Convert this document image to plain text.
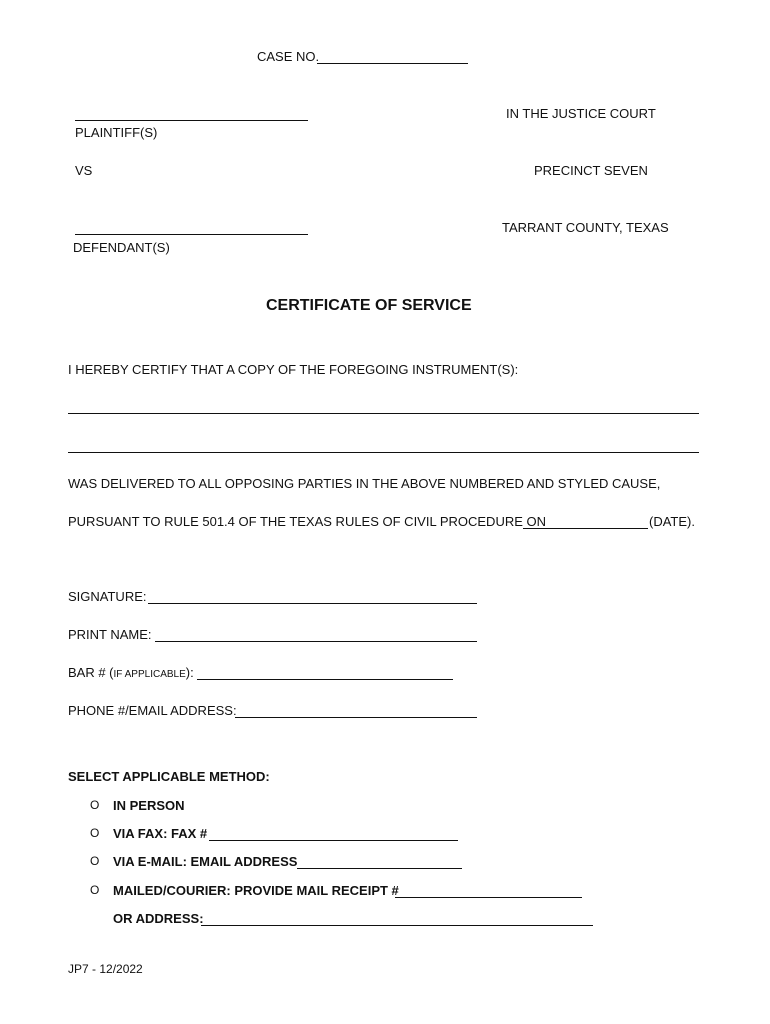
CASE NO.
PLAINTIFF(S)
IN THE JUSTICE COURT
VS	PRECINCT SEVEN
TARRANT COUNTY, TEXAS
DEFENDANT(S)
CERTIFICATE OF SERVICE
I HEREBY CERTIFY THAT A COPY OF THE FOREGOING INSTRUMENT(S):
WAS DELIVERED TO ALL OPPOSING PARTIES IN THE ABOVE NUMBERED AND STYLED CAUSE,
PURSUANT TO RULE 501.4 OF THE TEXAS RULES OF CIVIL PROCEDURE ON	(DATE).
SIGNATURE:
PRINT NAME:
BAR # (IF APPLICABLE):
PHONE #/EMAIL ADDRESS:
SELECT APPLICABLE METHOD:
O IN PERSON
O VIA FAX: FAX #
O VIA E-MAIL: EMAIL ADDRESS
O MAILED/COURIER: PROVIDE MAIL RECEIPT #
OR ADDRESS:
JP7 - 12/2022
